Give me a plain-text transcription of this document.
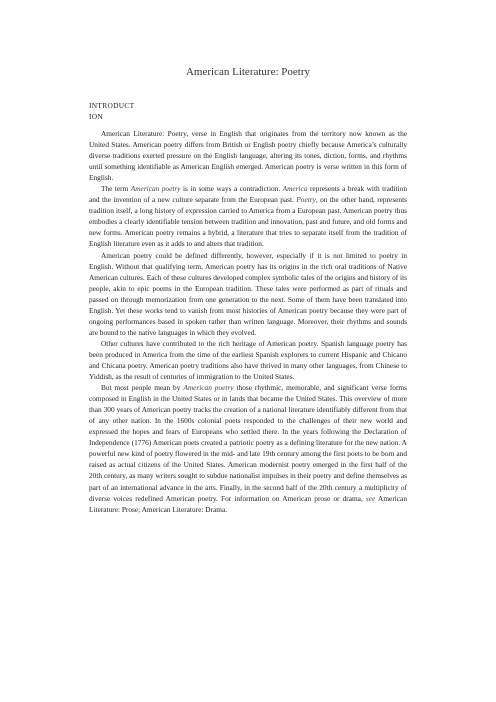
American Literature: Poetry
INTRODUCT ION

American Literature: Poetry, verse in English that originates from the territory now known as the United States. American poetry differs from British or English poetry chiefly because America’s culturally diverse traditions exerted pressure on the English language, altering its tones, diction, forms, and rhythms until something identifiable as American English emerged. American poetry is verse written in this form of English.

The term American poetry is in some ways a contradiction. America represents a break with tradition and the invention of a new culture separate from the European past. Poetry, on the other hand, represents tradition itself, a long history of expression carried to America from a European past. American poetry thus embodies a clearly identifiable tension between tradition and innovation, past and future, and old forms and new forms. American poetry remains a hybrid, a literature that tries to separate itself from the tradition of English literature even as it adds to and alters that tradition.

American poetry could be defined differently, however, especially if it is not limited to poetry in English. Without that qualifying term, American poetry has its origins in the rich oral traditions of Native American cultures. Each of these cultures developed complex symbolic tales of the origins and history of its people, akin to epic poems in the European tradition. These tales were performed as part of rituals and passed on through memorization from one generation to the next. Some of them have been translated into English. Yet these works tend to vanish from most histories of American poetry because they were part of ongoing performances based in spoken rather than written language. Moreover, their rhythms and sounds are bound to the native languages in which they evolved.

Other cultures have contributed to the rich heritage of American poetry. Spanish language poetry has been produced in America from the time of the earliest Spanish explorers to current Hispanic and Chicano and Chicana poetry. American poetry traditions also have thrived in many other languages, from Chinese to Yiddish, as the result of centuries of immigration to the United States.

But most people mean by American poetry those rhythmic, memorable, and significant verse forms composed in English in the United States or in lands that became the United States. This overview of more than 300 years of American poetry tracks the creation of a national literature identifiably different from that of any other nation. In the 1600s colonial poets responded to the challenges of their new world and expressed the hopes and fears of Europeans who settled there. In the years following the Declaration of Independence (1776) American poets created a patriotic poetry as a defining literature for the new nation. A powerful new kind of poetry flowered in the mid- and late 19th century among the first poets to be born and raised as actual citizens of the United States. American modernist poetry emerged in the first half of the 20th century, as many writers sought to subdue nationalist impulses in their poetry and define themselves as part of an international advance in the arts. Finally, in the second half of the 20th century a multiplicity of diverse voices redefined American poetry. For information on American prose or drama, see American Literature: Prose; American Literature: Drama.
